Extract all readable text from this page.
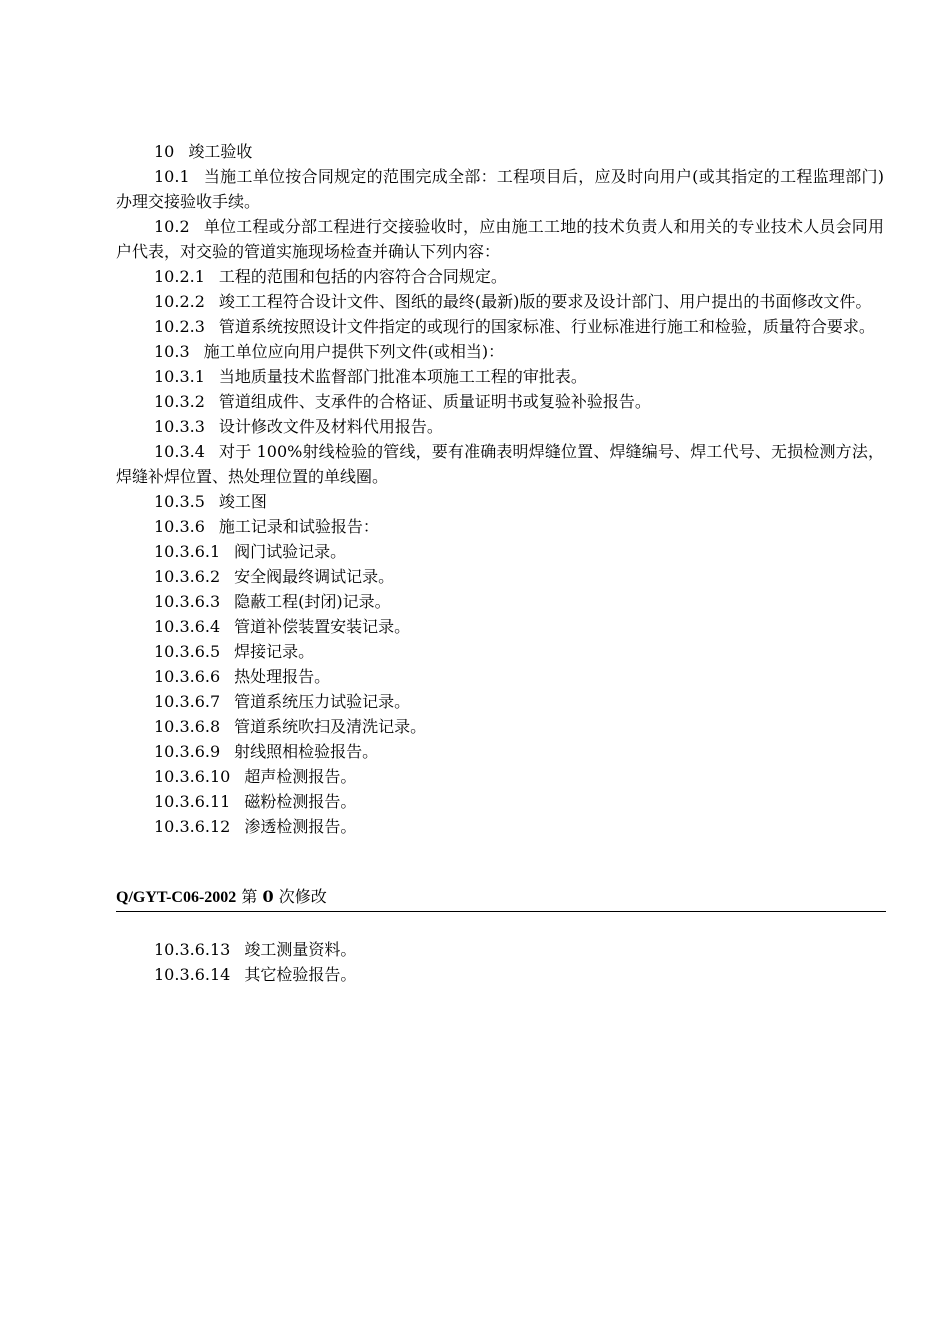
10 竣工验收

10.1 当施工单位按合同规定的范围完成全部：工程项目后，应及时向用户(或其指定的工程监理部门)办理交接验收手续。

10.2 单位工程或分部工程进行交接验收时，应由施工工地的技术负责人和用关的专业技术人员会同用户代表，对交验的管道实施现场检查并确认下列内容：

10.2.1 工程的范围和包括的内容符合合同规定。

10.2.2 竣工工程符合设计文件、图纸的最终(最新)版的要求及设计部门、用户提出的书面修改文件。

10.2.3 管道系统按照设计文件指定的或现行的国家标准、行业标准进行施工和检验，质量符合要求。

10.3 施工单位应向用户提供下列文件(或相当)：

10.3.1 当地质量技术监督部门批准本项施工工程的审批表。

10.3.2 管道组成件、支承件的合格证、质量证明书或复验补验报告。

10.3.3 设计修改文件及材料代用报告。

10.3.4 对于 100%射线检验的管线，要有准确表明焊缝位置、焊缝编号、焊工代号、无损检测方法，焊缝补焊位置、热处理位置的单线圈。

10.3.5 竣工图

10.3.6 施工记录和试验报告：

10.3.6.1 阀门试验记录。

10.3.6.2 安全阀最终调试记录。

10.3.6.3 隐蔽工程(封闭)记录。

10.3.6.4 管道补偿装置安装记录。

10.3.6.5 焊接记录。

10.3.6.6 热处理报告。

10.3.6.7 管道系统压力试验记录。

10.3.6.8 管道系统吹扫及清洗记录。

10.3.6.9 射线照相检验报告。

10.3.6.10 超声检测报告。

10.3.6.11 磁粉检测报告。

10.3.6.12 渗透检测报告。

Q/GYT-C06-2002 第 0 次修改

10.3.6.13 竣工测量资料。

10.3.6.14 其它检验报告。
